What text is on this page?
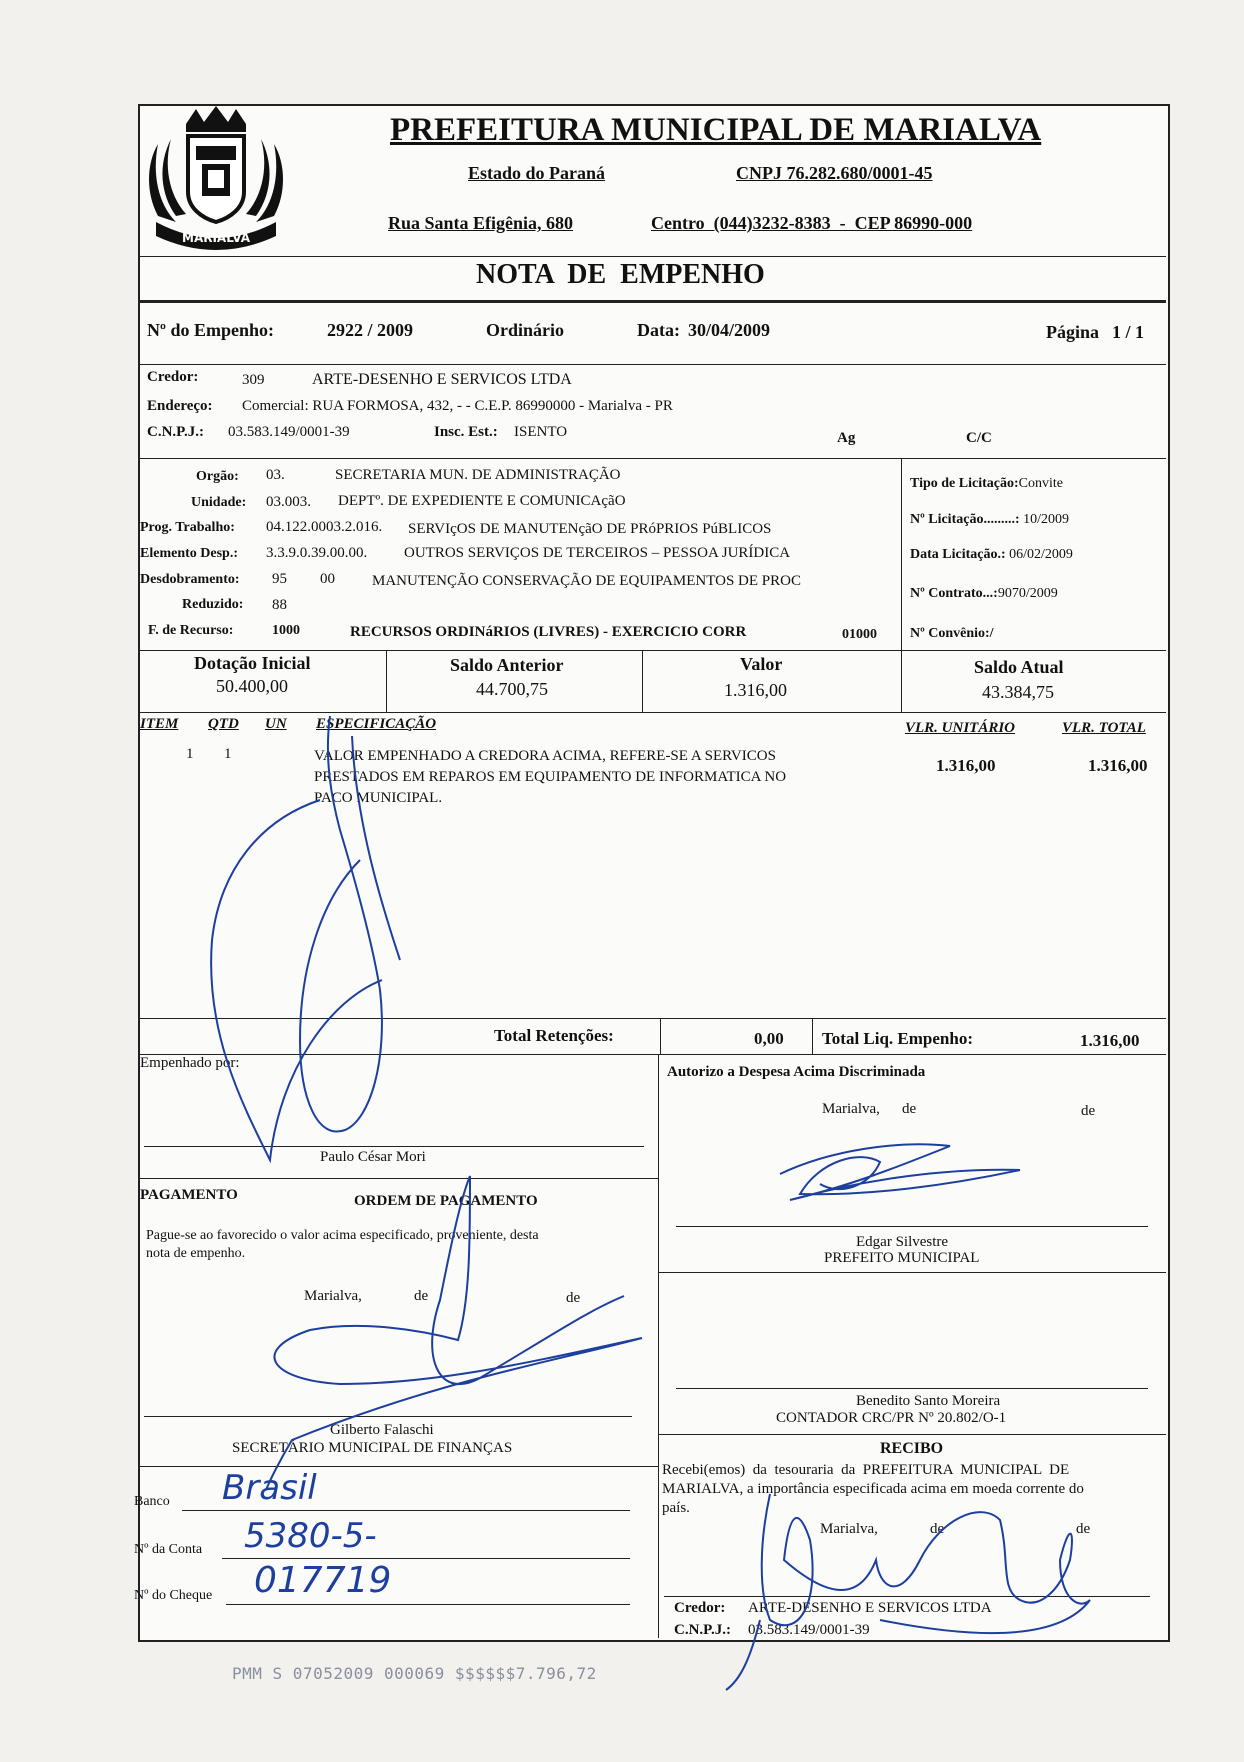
MARIALVA
PREFEITURA MUNICIPAL DE MARIALVA
Estado do Paraná	CNPJ 76.282.680/0001-45
Rua Santa Efigênia, 680	Centro  (044)3232-8383  -  CEP 86990-000
NOTA  DE  EMPENHO
Nº do Empenho:	2922 / 2009	Ordinário	Data: 30/04/2009	Página 1 / 1
Credor:	309	ARTE-DESENHO E SERVICOS LTDA
Endereço: Comercial: RUA FORMOSA, 432, - - C.E.P. 86990000 - Marialva - PR
C.N.P.J.: 03.583.149/0001-39	Insc. Est.: ISENTO	Ag	C/C
Orgão: 03.	SECRETARIA MUN. DE ADMINISTRAÇÃO
Unidade: 03.003. DEPTº. DE EXPEDIENTE E COMUNICAçãO
Prog. Trabalho: 04.122.0003.2.016. SERVIçOS DE MANUTENçãO DE PRóPRIOS PúBLICOS
Elemento Desp.: 3.3.9.0.39.00.00. OUTROS SERVIÇOS DE TERCEIROS – PESSOA JURÍDICA
Desdobramento: 95 00 MANUTENÇÃO CONSERVAÇÃO DE EQUIPAMENTOS DE PROC
Reduzido: 88
F. de Recurso:	1000	RECURSOS ORDINáRIOS (LIVRES) - EXERCICIO CORR	01000
Tipo de Licitação:Convite
Nº Licitação.........: 10/2009
Data Licitação.: 06/02/2009
Nº Contrato...:9070/2009
Nº Convênio:/
Dotação Inicial
50.400,00
Saldo Anterior
44.700,75
Valor
1.316,00
Saldo Atual
43.384,75
ITEM QTD UN ESPECIFICAÇÃO	VLR. UNITÁRIO	VLR. TOTAL
1 1	VALOR EMPENHADO A CREDORA ACIMA, REFERE-SE A SERVICOS
PRESTADOS EM REPAROS EM EQUIPAMENTO DE INFORMATICA NO
PACO MUNICIPAL.
1.316,00	1.316,00
Total Retenções:	0,00 Total Liq. Empenho:	1.316,00
Empenhado por:
Paulo César Mori
Autorizo a Despesa Acima Discriminada
Marialva, de	de
Edgar Silvestre
PREFEITO MUNICIPAL
PAGAMENTO	ORDEM DE PAGAMENTO
Pague-se ao favorecido o valor acima especificado, proveniente, desta
nota de empenho.
Marialva,	de	de
Gilberto Falaschi
SECRETÁRIO MUNICIPAL DE FINANÇAS
Benedito Santo Moreira
CONTADOR CRC/PR Nº 20.802/O-1
Banco Brasil
Nº da Conta 5380-5-
Nº do Cheque 017719
RECIBO
Recebi(emos)  da  tesouraria  da  PREFEITURA  MUNICIPAL  DE
MARIALVA, a importância especificada acima em moeda corrente do
país.
Marialva,	de	de
Credor: ARTE-DESENHO E SERVICOS LTDA
C.N.P.J.: 03.583.149/0001-39
PMM S 07052009 000069 $$$$$$7.796,72
